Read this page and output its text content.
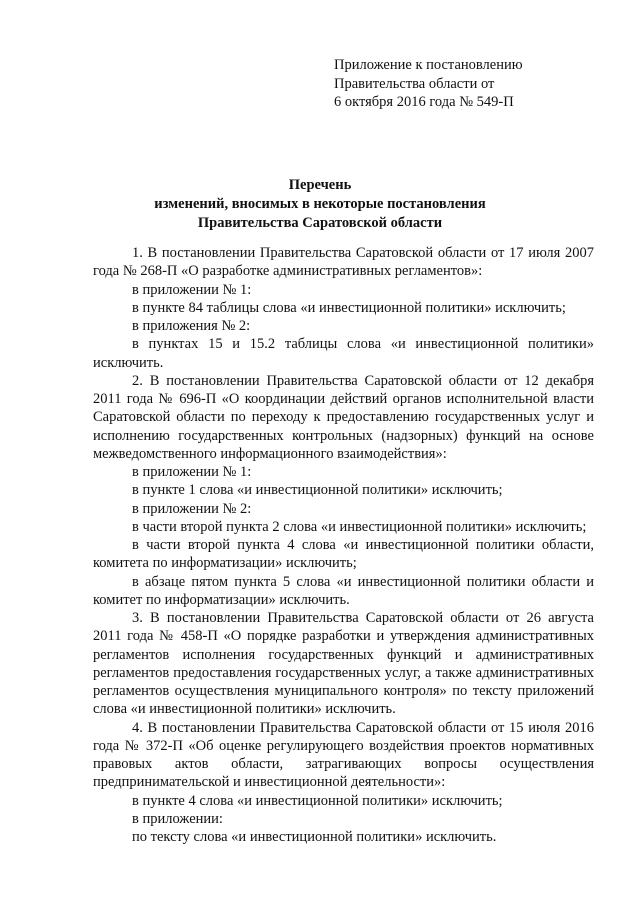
Приложение к постановлению
Правительства области от
6 октября 2016 года № 549-П
Перечень
изменений, вносимых в некоторые постановления
Правительства Саратовской области

1. В постановлении Правительства Саратовской области от 17 июля 2007 года № 268-П «О разработке административных регламентов»:

в приложении № 1:

в пункте 84 таблицы слова «и инвестиционной политики» исключить;

в приложения № 2:

в пунктах 15 и 15.2 таблицы слова «и инвестиционной политики» исключить.

2. В постановлении Правительства Саратовской области от 12 декабря 2011 года № 696-П «О координации действий органов исполнительной власти Саратовской области по переходу к предоставлению государственных услуг и исполнению государственных контрольных (надзорных) функций на основе межведомственного информационного взаимодействия»:

в приложении № 1:

в пункте 1 слова «и инвестиционной политики» исключить;

в приложении № 2:

в части второй пункта 2 слова «и инвестиционной политики» исключить;

в части второй пункта 4 слова «и инвестиционной политики области, комитета по информатизации» исключить;

в абзаце пятом пункта 5 слова «и инвестиционной политики области и комитет по информатизации» исключить.

3. В постановлении Правительства Саратовской области от 26 августа 2011 года № 458-П «О порядке разработки и утверждения административных регламентов исполнения государственных функций и административных регламентов предоставления государственных услуг, а также административных регламентов осуществления муниципального контроля» по тексту приложений слова «и инвестиционной политики» исключить.

4. В постановлении Правительства Саратовской области от 15 июля 2016 года № 372-П «Об оценке регулирующего воздействия проектов нормативных правовых актов области, затрагивающих вопросы осуществления предпринимательской и инвестиционной деятельности»:

в пункте 4 слова «и инвестиционной политики» исключить;

в приложении:

по тексту слова «и инвестиционной политики» исключить.
